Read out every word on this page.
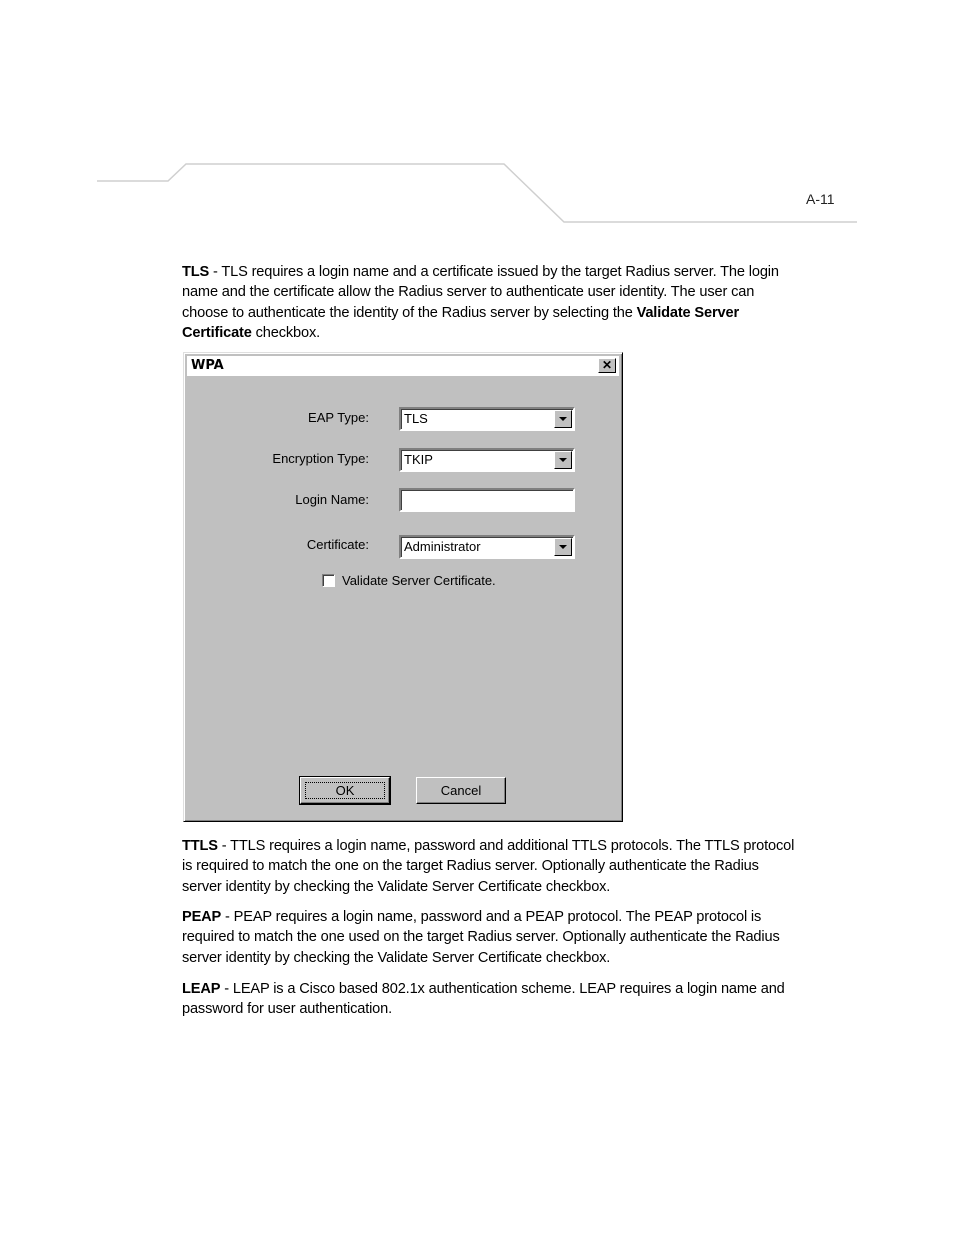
A-11
TLS - TLS requires a login name and a certificate issued by the target Radius server. The login name and the certificate allow the Radius server to authenticate user identity. The user can choose to authenticate the identity of the Radius server by selecting the Validate Server Certificate checkbox.
WPA	✕
EAP Type:	TLS
Encryption Type:	TKIP
Login Name:
Certificate:	Administrator
Validate Server Certificate.
OK	Cancel
TTLS - TTLS requires a login name, password and additional TTLS protocols. The TTLS protocol is required to match the one on the target Radius server. Optionally authenticate the Radius server identity by checking the Validate Server Certificate checkbox.
PEAP - PEAP requires a login name, password and a PEAP protocol. The PEAP protocol is required to match the one used on the target Radius server. Optionally authenticate the Radius server identity by checking the Validate Server Certificate checkbox.
LEAP - LEAP is a Cisco based 802.1x authentication scheme. LEAP requires a login name and password for user authentication.
